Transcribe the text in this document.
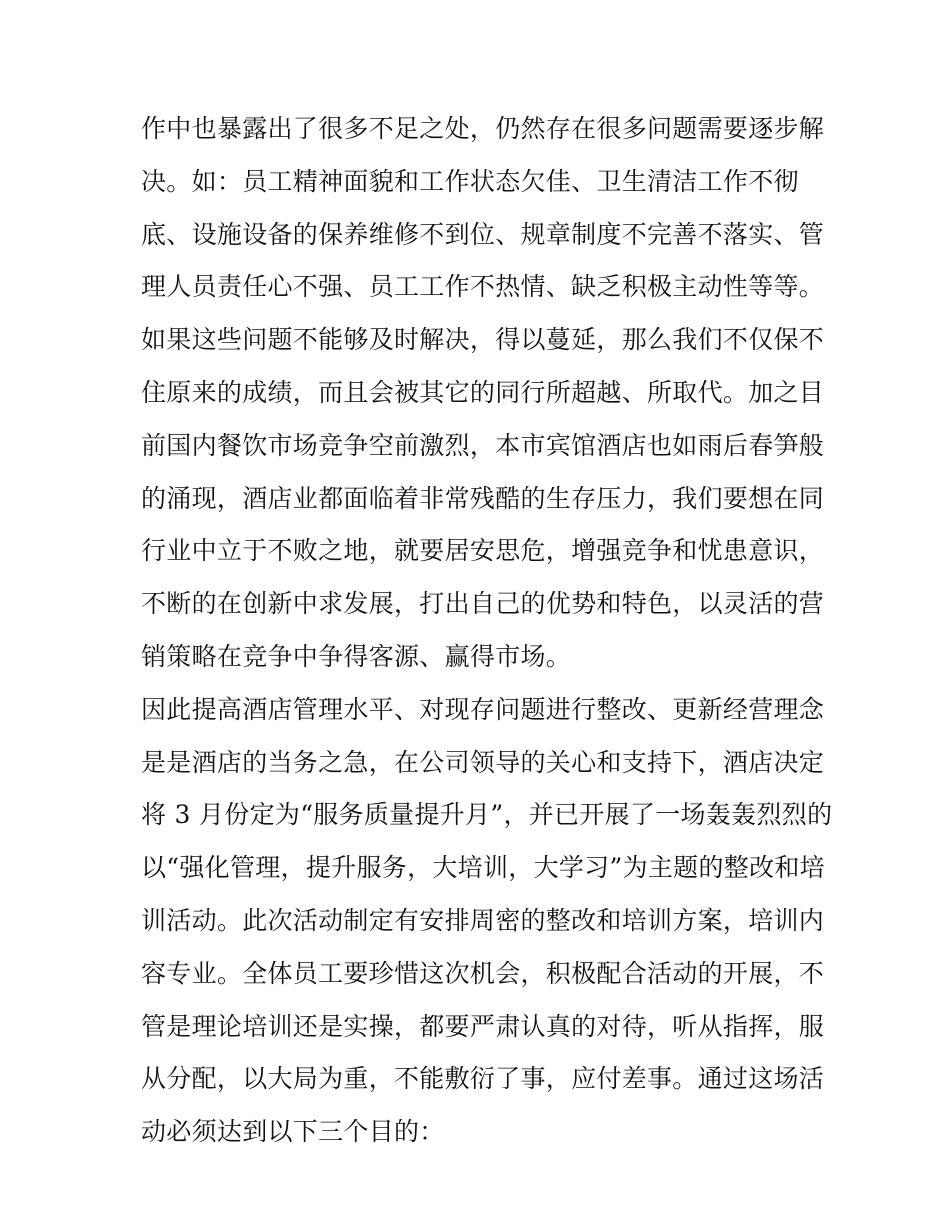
作中也暴露出了很多不足之处，仍然存在很多问题需要逐步解
决。如：员工精神面貌和工作状态欠佳、卫生清洁工作不彻
底、设施设备的保养维修不到位、规章制度不完善不落实、管
理人员责任心不强、员工工作不热情、缺乏积极主动性等等。
如果这些问题不能够及时解决，得以蔓延，那么我们不仅保不
住原来的成绩，而且会被其它的同行所超越、所取代。加之目
前国内餐饮市场竞争空前激烈，本市宾馆酒店也如雨后春笋般
的涌现，酒店业都面临着非常残酷的生存压力，我们要想在同
行业中立于不败之地，就要居安思危，增强竞争和忧患意识，
不断的在创新中求发展，打出自己的优势和特色，以灵活的营
销策略在竞争中争得客源、赢得市场。
因此提高酒店管理水平、对现存问题进行整改、更新经营理念
是是酒店的当务之急，在公司领导的关心和支持下，酒店决定
将 3 月份定为“服务质量提升月”，并已开展了一场轰轰烈烈的
以“强化管理，提升服务，大培训，大学习”为主题的整改和培
训活动。此次活动制定有安排周密的整改和培训方案，培训内
容专业。全体员工要珍惜这次机会，积极配合活动的开展，不
管是理论培训还是实操，都要严肃认真的对待，听从指挥，服
从分配，以大局为重，不能敷衍了事，应付差事。通过这场活
动必须达到以下三个目的：
